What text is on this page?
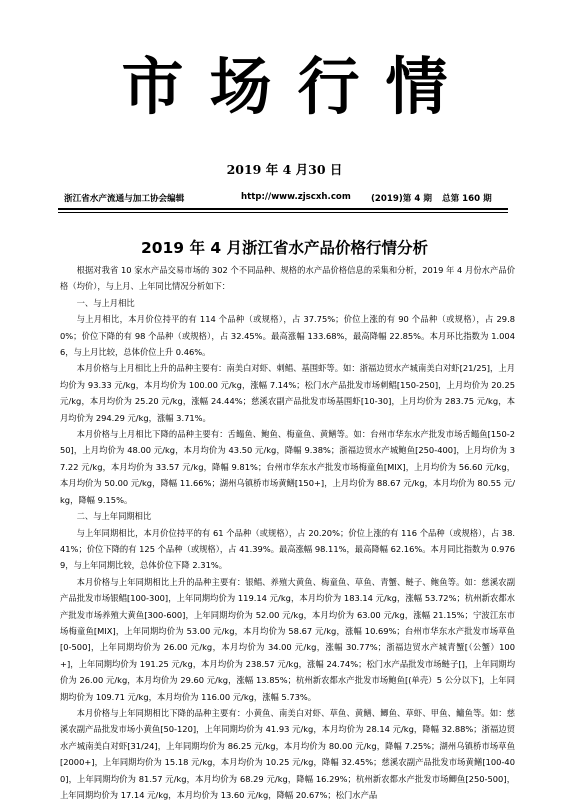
市场行情
2019 年 4 月30 日
浙江省水产流通与加工协会编辑	http://www.zjscxh.com (2019)第 4 期 总第 160 期
2019 年 4 月浙江省水产品价格行情分析

根据对我省 10 家水产品交易市场的 302 个不同品种、规格的水产品价格信息的采集和分析，2019 年 4 月份水产品价格（均价），与上月、上年同比情况分析如下：

一、与上月相比

与上月相比，本月价位持平的有 114 个品种（或规格），占 37.75%；价位上涨的有 90 个品种（或规格），占 29.80%；价位下降的有 98 个品种（或规格），占 32.45%。最高涨幅 133.68%，最高降幅 22.85%。本月环比指数为 1.0046，与上月比较，总体价位上升 0.46%。

本月价格与上月相比上升的品种主要有：南美白对虾、刺鲳、基围虾等。如：浙福边贸水产城南美白对虾[21/25]，上月均价为 93.33 元/kg，本月均价为 100.00 元/kg，涨幅 7.14%；松门水产品批发市场刺鲳[150-250]，上月均价为 20.25 元/kg，本月均价为 25.20 元/kg，涨幅 24.44%；慈溪农副产品批发市场基围虾[10-30]，上月均价为 283.75 元/kg，本月均价为 294.29 元/kg，涨幅 3.71%。

本月价格与上月相比下降的品种主要有：舌鳎鱼、鲍鱼、梅童鱼、黄鳝等。如：台州市华东水产批发市场舌鳎鱼[150-250]，上月均价为 48.00 元/kg，本月均价为 43.50 元/kg，降幅 9.38%；浙福边贸水产城鲍鱼[250-400]，上月均价为 37.22 元/kg，本月均价为 33.57 元/kg，降幅 9.81%；台州市华东水产批发市场梅童鱼[MIX]，上月均价为 56.60 元/kg，本月均价为 50.00 元/kg，降幅 11.66%；湖州乌镇桥市场黄鳝[150+]，上月均价为 88.67 元/kg，本月均价为 80.55 元/kg，降幅 9.15%。

二、与上年同期相比

与上年同期相比，本月价位持平的有 61 个品种（或规格），占 20.20%；价位上涨的有 116 个品种（或规格），占 38.41%；价位下降的有 125 个品种（或规格），占 41.39%。最高涨幅 98.11%，最高降幅 62.16%。本月同比指数为 0.9769，与上年同期比较，总体价位下降 2.31%。

本月价格与上年同期相比上升的品种主要有：银鲳、养殖大黄鱼、梅童鱼、草鱼、青蟹、鲢子、鲍鱼等。如：慈溪农副产品批发市场银鲳[100-300]，上年同期均价为 119.14 元/kg，本月均价为 183.14 元/kg，涨幅 53.72%；杭州新农都水产批发市场养殖大黄鱼[300-600]，上年同期均价为 52.00 元/kg，本月均价为 63.00 元/kg，涨幅 21.15%；宁波江东市场梅童鱼[MIX]，上年同期均价为 53.00 元/kg，本月均价为 58.67 元/kg，涨幅 10.69%；台州市华东水产批发市场草鱼[0-500]，上年同期均价为 26.00 元/kg，本月均价为 34.00 元/kg，涨幅 30.77%；浙福边贸水产城青蟹[（公蟹）100+]，上年同期均价为 191.25 元/kg，本月均价为 238.57 元/kg，涨幅 24.74%；松门水产品批发市场鲢子[]，上年同期均价为 26.00 元/kg，本月均价为 29.60 元/kg，涨幅 13.85%；杭州新农都水产批发市场鲍鱼[(单壳）5 公分以下]，上年同期均价为 109.71 元/kg，本月均价为 116.00 元/kg，涨幅 5.73%。

本月价格与上年同期相比下降的品种主要有：小黄鱼、南美白对虾、草鱼、黄鳝、鲫鱼、草虾、甲鱼、鳙鱼等。如：慈溪农副产品批发市场小黄鱼[50-120]，上年同期均价为 41.93 元/kg，本月均价为 28.14 元/kg，降幅 32.88%；浙福边贸水产城南美白对虾[31/24]，上年同期均价为 86.25 元/kg，本月均价为 80.00 元/kg，降幅 7.25%；湖州乌镇桥市场草鱼[2000+]，上年同期均价为 15.18 元/kg，本月均价为 10.25 元/kg，降幅 32.45%；慈溪农副产品批发市场黄鳝[100-400]，上年同期均价为 81.57 元/kg，本月均价为 68.29 元/kg，降幅 16.29%；杭州新农都水产批发市场鲫鱼[250-500]，上年同期均价为 17.14 元/kg，本月均价为 13.60 元/kg，降幅 20.67%；松门水产品
